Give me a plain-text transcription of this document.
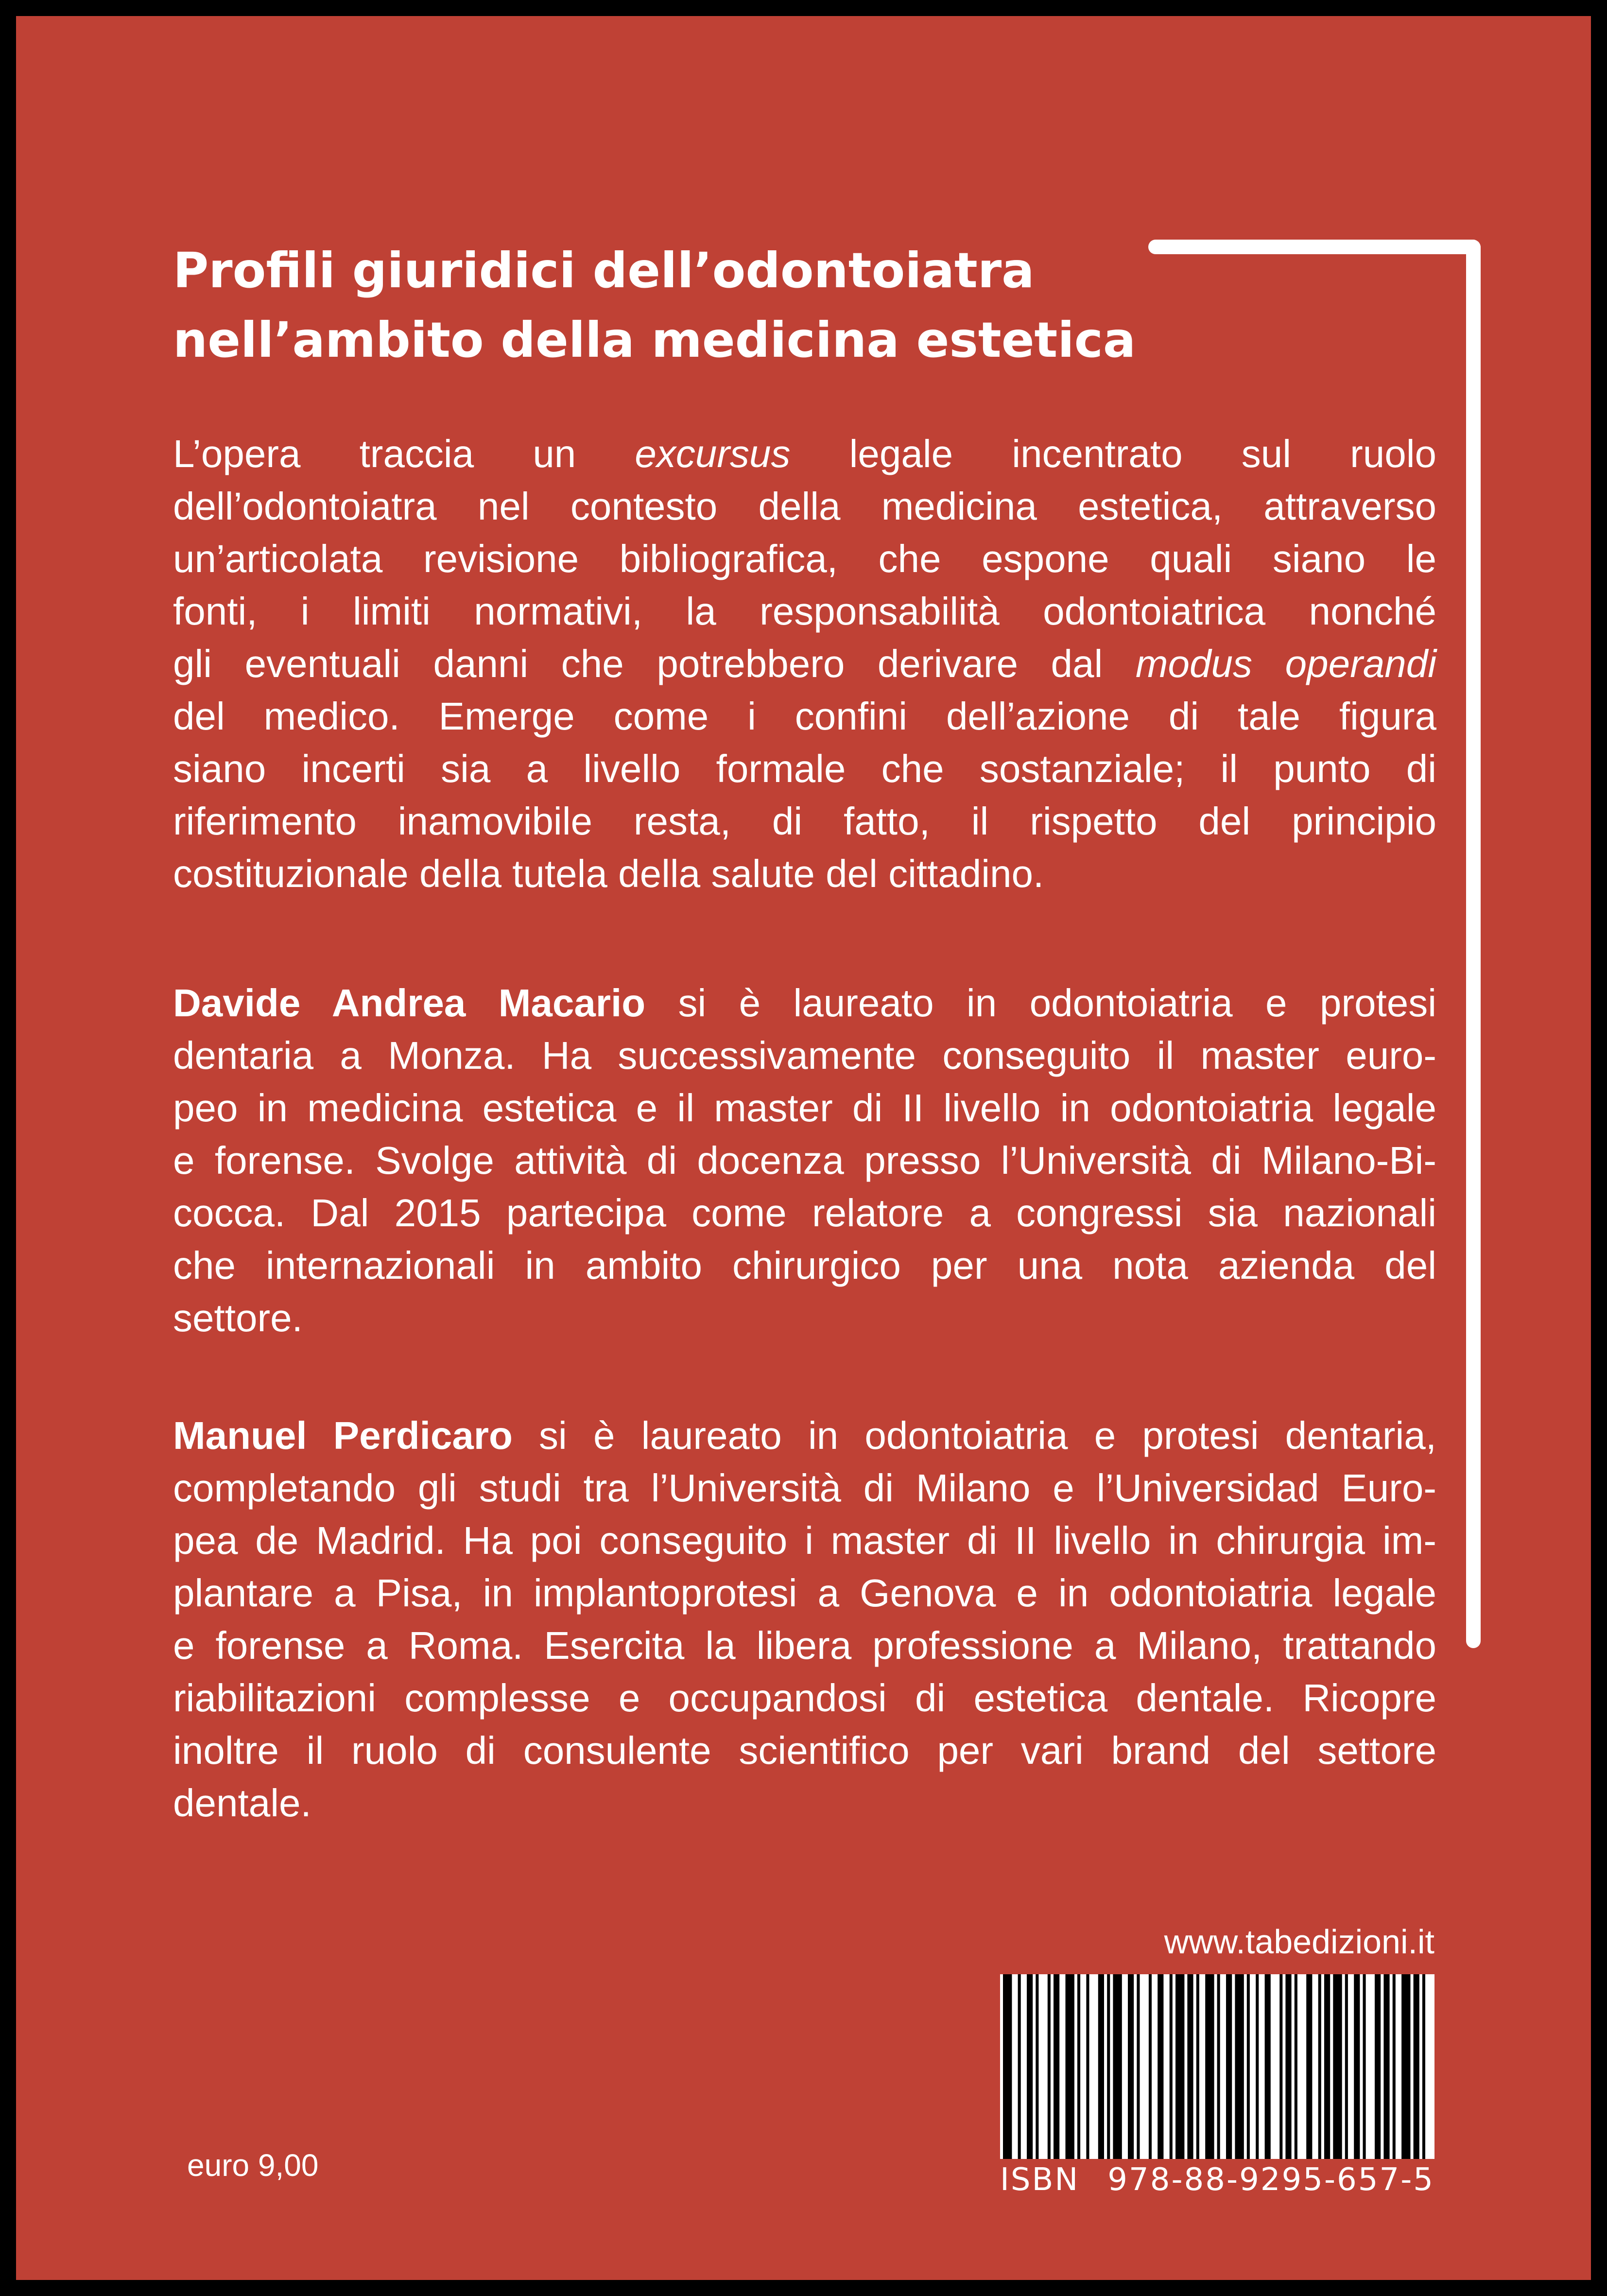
Profili giuridici dell’odontoiatra
nell’ambito della medicina estetica

L’opera traccia un excursus legale incentrato sul ruolo
dell’odontoiatra nel contesto della medicina estetica, attraverso
un’articolata revisione bibliografica, che espone quali siano le
fonti, i limiti normativi, la responsabilità odontoiatrica nonché
gli eventuali danni che potrebbero derivare dal modus operandi
del medico. Emerge come i confini dell’azione di tale figura
siano incerti sia a livello formale che sostanziale; il punto di
riferimento inamovibile resta, di fatto, il rispetto del principio
costituzionale della tutela della salute del cittadino.

Davide Andrea Macario si è laureato in odontoiatria e protesi
dentaria a Monza. Ha successivamente conseguito il master euro-
peo in medicina estetica e il master di II livello in odontoiatria legale
e forense. Svolge attività di docenza presso l’Università di Milano-Bi-
cocca. Dal 2015 partecipa come relatore a congressi sia nazionali
che internazionali in ambito chirurgico per una nota azienda del
settore.

Manuel Perdicaro si è laureato in odontoiatria e protesi dentaria,
completando gli studi tra l’Università di Milano e l’Universidad Euro-
pea de Madrid. Ha poi conseguito i master di II livello in chirurgia im-
plantare a Pisa, in implantoprotesi a Genova e in odontoiatria legale
e forense a Roma. Esercita la libera professione a Milano, trattando
riabilitazioni complesse e occupandosi di estetica dentale. Ricopre
inoltre il ruolo di consulente scientifico per vari brand del settore
dentale.

www.tabedizioni.it
ISBN 978-88-9295-657-5
euro 9,00
